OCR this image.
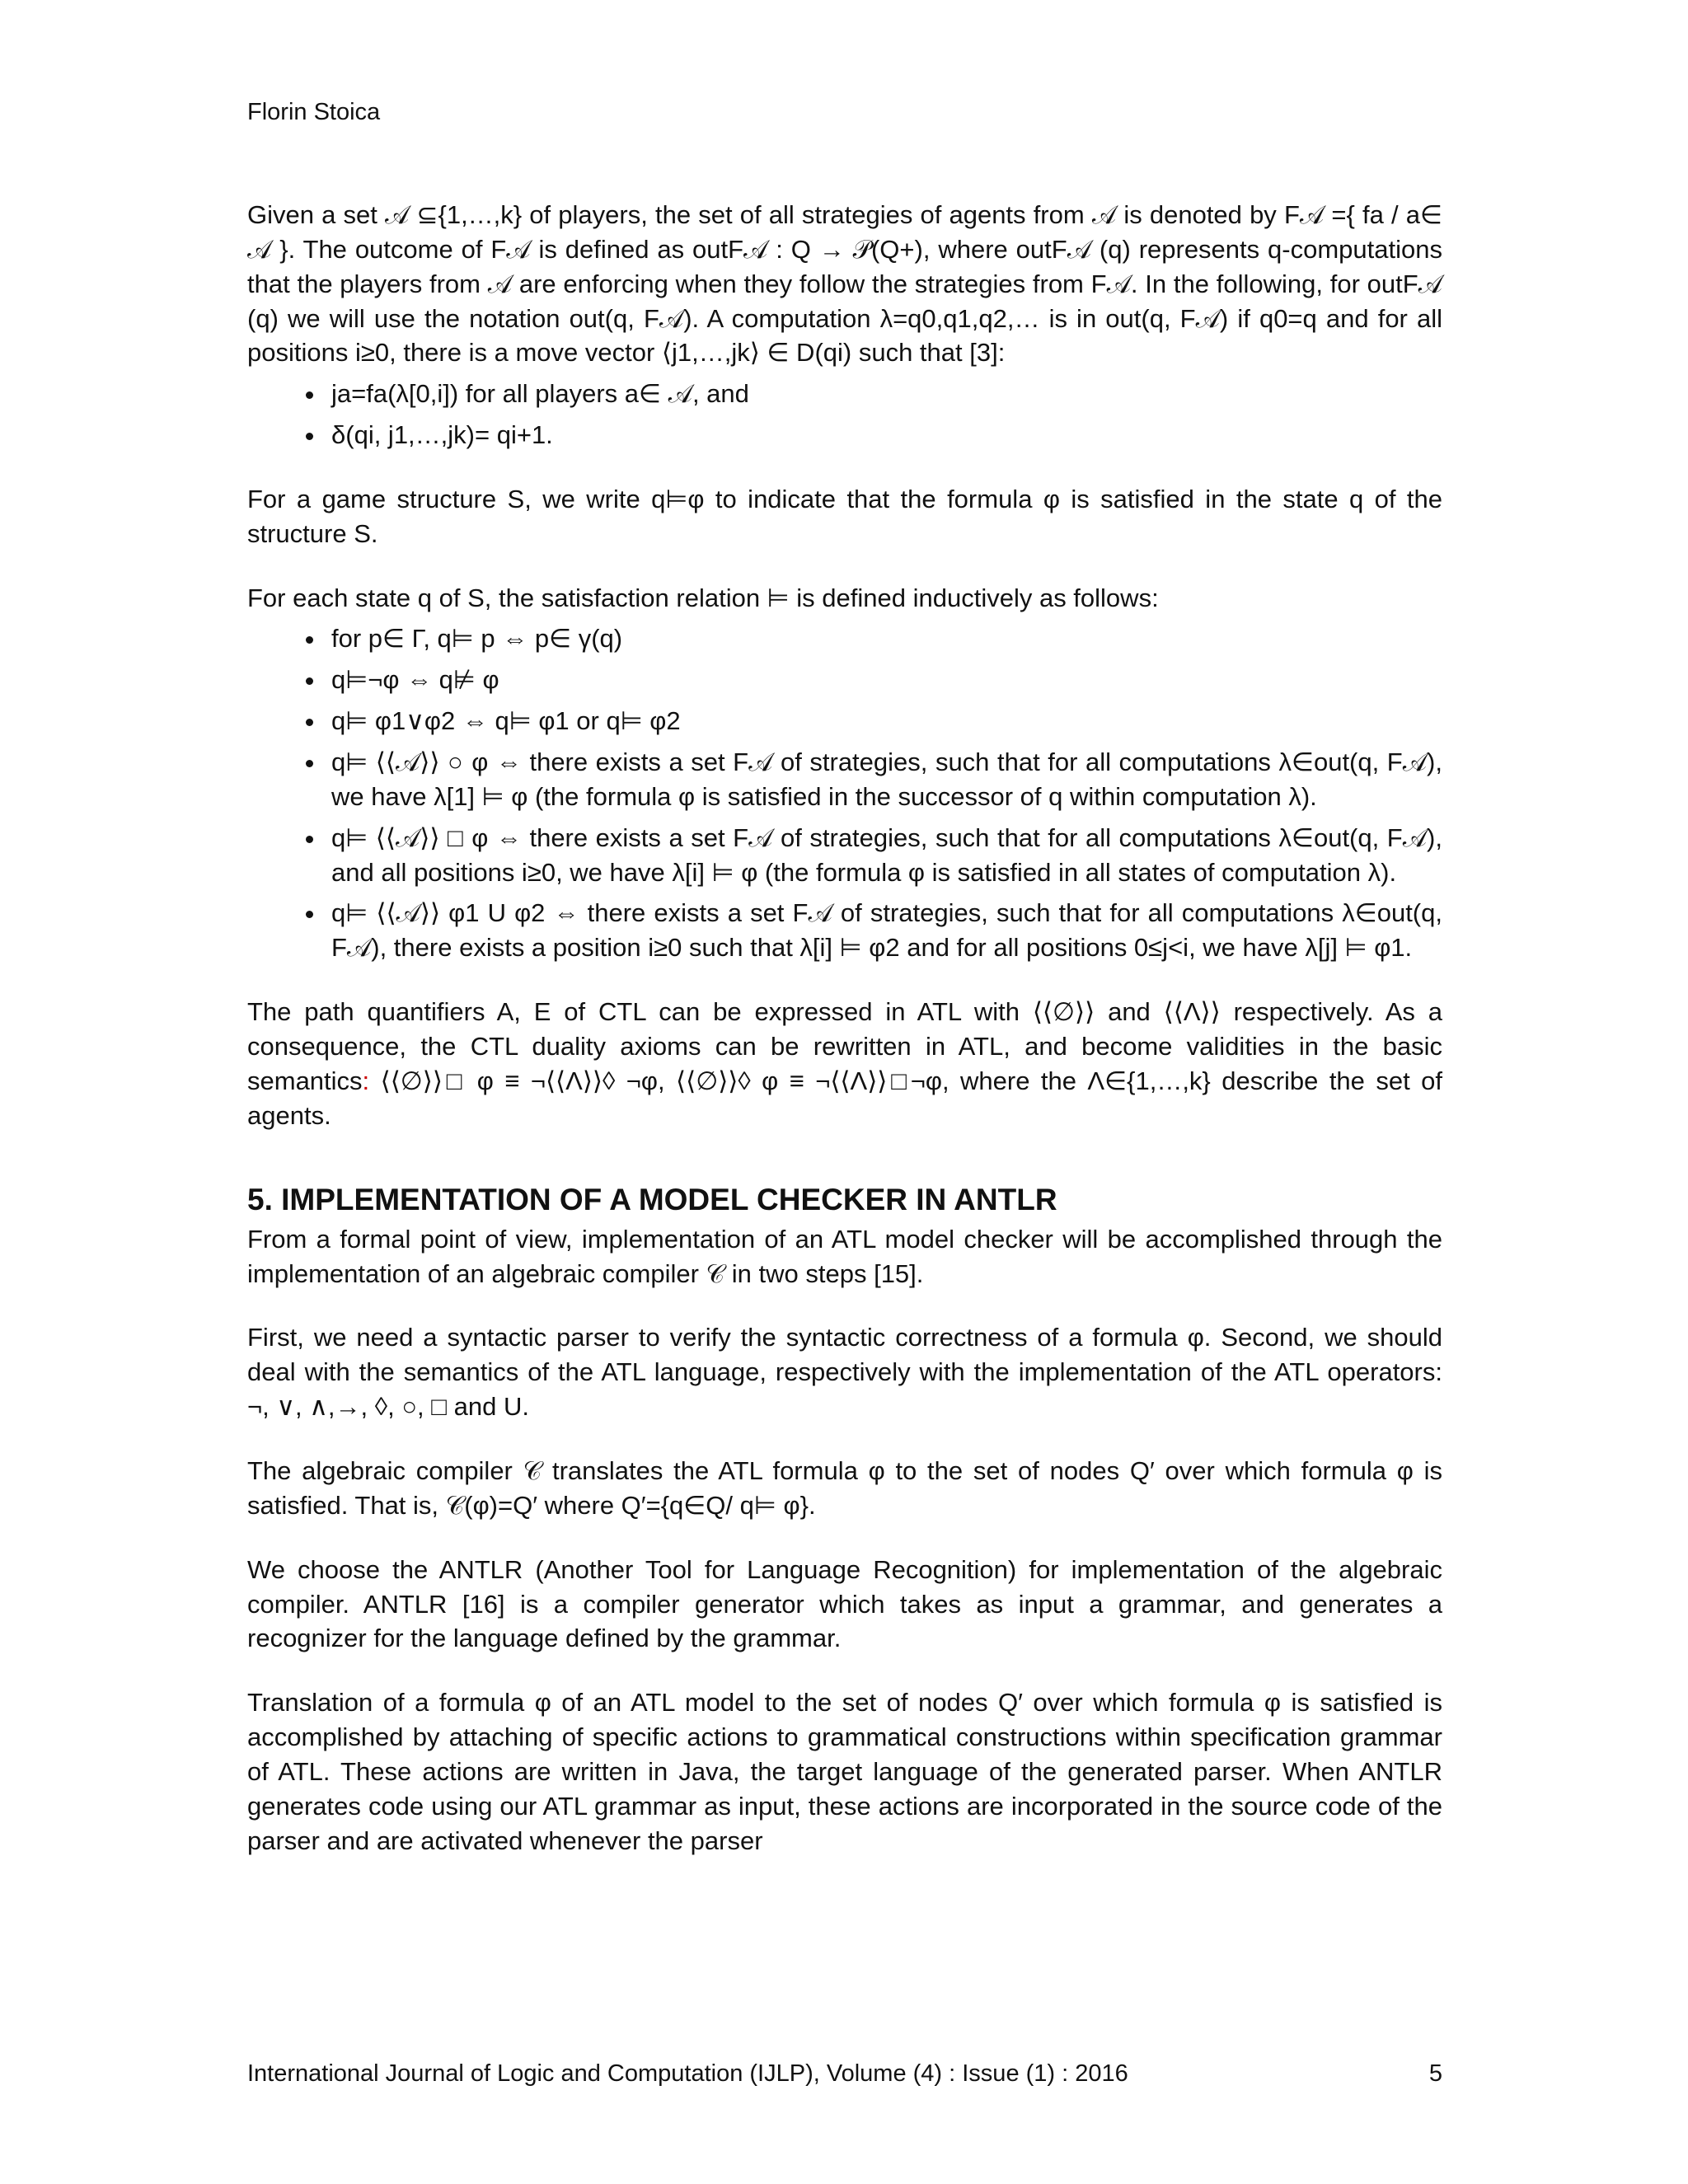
Florin Stoica

Given a set 𝒜 ⊆{1,…,k} of players, the set of all strategies of agents from 𝒜 is denoted by F𝒜 ={ fa / a∈ 𝒜 }. The outcome of F𝒜 is defined as outF𝒜 : Q → 𝒫(Q+), where outF𝒜 (q) represents q-computations that the players from 𝒜 are enforcing when they follow the strategies from F𝒜. In the following, for outF𝒜 (q) we will use the notation out(q, F𝒜). A computation λ=q0,q1,q2,… is in out(q, F𝒜) if q0=q and for all positions i≥0, there is a move vector ⟨j1,…,jk⟩ ∈ D(qi) such that [3]:

• ja=fa(λ[0,i]) for all players a∈ 𝒜, and
• δ(qi, j1,…,jk)= qi+1.

For a game structure S, we write q⊨φ to indicate that the formula φ is satisfied in the state q of the structure S.

For each state q of S, the satisfaction relation ⊨ is defined inductively as follows:

• for p∈ Γ, q⊨ p ⇔ p∈ γ(q)
• q⊨¬φ ⇔ q⊭ φ
• q⊨ φ1∨φ2 ⇔ q⊨ φ1 or q⊨ φ2
• q⊨ ⟨⟨𝒜⟩⟩ ○ φ ⇔ there exists a set F𝒜 of strategies, such that for all computations λ∈out(q, F𝒜), we have λ[1] ⊨ φ (the formula φ is satisfied in the successor of q within computation λ).
• q⊨ ⟨⟨𝒜⟩⟩ □ φ ⇔ there exists a set F𝒜 of strategies, such that for all computations λ∈out(q, F𝒜), and all positions i≥0, we have λ[i] ⊨ φ (the formula φ is satisfied in all states of computation λ).
• q⊨ ⟨⟨𝒜⟩⟩ φ1 U φ2 ⇔ there exists a set F𝒜 of strategies, such that for all computations λ∈out(q, F𝒜), there exists a position i≥0 such that λ[i] ⊨ φ2 and for all positions 0≤j<i, we have λ[j] ⊨ φ1.

The path quantifiers A, E of CTL can be expressed in ATL with ⟨⟨∅⟩⟩ and ⟨⟨Λ⟩⟩ respectively. As a consequence, the CTL duality axioms can be rewritten in ATL, and become validities in the basic semantics: ⟨⟨∅⟩⟩□ φ ≡ ¬⟨⟨Λ⟩⟩◊ ¬φ, ⟨⟨∅⟩⟩◊ φ ≡ ¬⟨⟨Λ⟩⟩□¬φ, where the Λ∈{1,…,k} describe the set of agents.

5. IMPLEMENTATION OF A MODEL CHECKER IN ANTLR

From a formal point of view, implementation of an ATL model checker will be accomplished through the implementation of an algebraic compiler 𝒞 in two steps [15].

First, we need a syntactic parser to verify the syntactic correctness of a formula φ. Second, we should deal with the semantics of the ATL language, respectively with the implementation of the ATL operators: ¬, ∨, ∧,→, ◊, ○, □ and U.

The algebraic compiler 𝒞 translates the ATL formula φ to the set of nodes Q′ over which formula φ is satisfied. That is, 𝒞(φ)=Q′ where Q′={q∈Q/ q⊨ φ}.

We choose the ANTLR (Another Tool for Language Recognition) for implementation of the algebraic compiler. ANTLR [16] is a compiler generator which takes as input a grammar, and generates a recognizer for the language defined by the grammar.

Translation of a formula φ of an ATL model to the set of nodes Q′ over which formula φ is satisfied is accomplished by attaching of specific actions to grammatical constructions within specification grammar of ATL. These actions are written in Java, the target language of the generated parser. When ANTLR generates code using our ATL grammar as input, these actions are incorporated in the source code of the parser and are activated whenever the parser

International Journal of Logic and Computation (IJLP), Volume (4) : Issue (1) : 2016	5
